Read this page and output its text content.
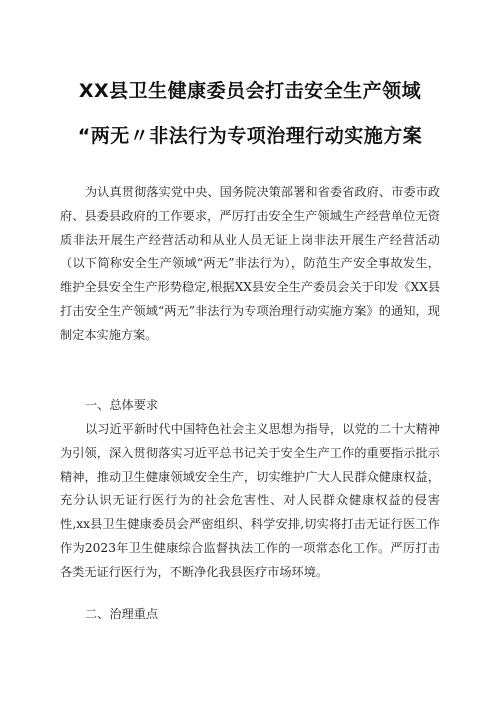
XX县卫生健康委员会打击安全生产领域
“两无〃非法行为专项治理行动实施方案
为认真贯彻落实党中央、国务院决策部署和省委省政府、市委市政府、县委县政府的工作要求，严厉打击安全生产领域生产经营单位无资质非法开展生产经营活动和从业人员无证上岗非法开展生产经营活动（以下简称安全生产领域“两无”非法行为），防范生产安全事故发生，维护全县安全生产形势稳定,根据XX县安全生产委员会关于印发《XX县打击安全生产领域“两无”非法行为专项治理行动实施方案》的通知，现制定本实施方案。
一、总体要求
以习近平新时代中国特色社会主义思想为指导，以党的二十大精神为引领，深入贯彻落实习近平总书记关于安全生产工作的重要指示批示精神，推动卫生健康领域安全生产，切实维护广大人民群众健康权益，充分认识无证行医行为的社会危害性、对人民群众健康权益的侵害性,xx县卫生健康委员会严密组织、科学安排,切实将打击无证行医工作作为2023年卫生健康综合监督执法工作的一项常态化工作。严厉打击各类无证行医行为，不断净化我县医疗市场环境。
二、治理重点
